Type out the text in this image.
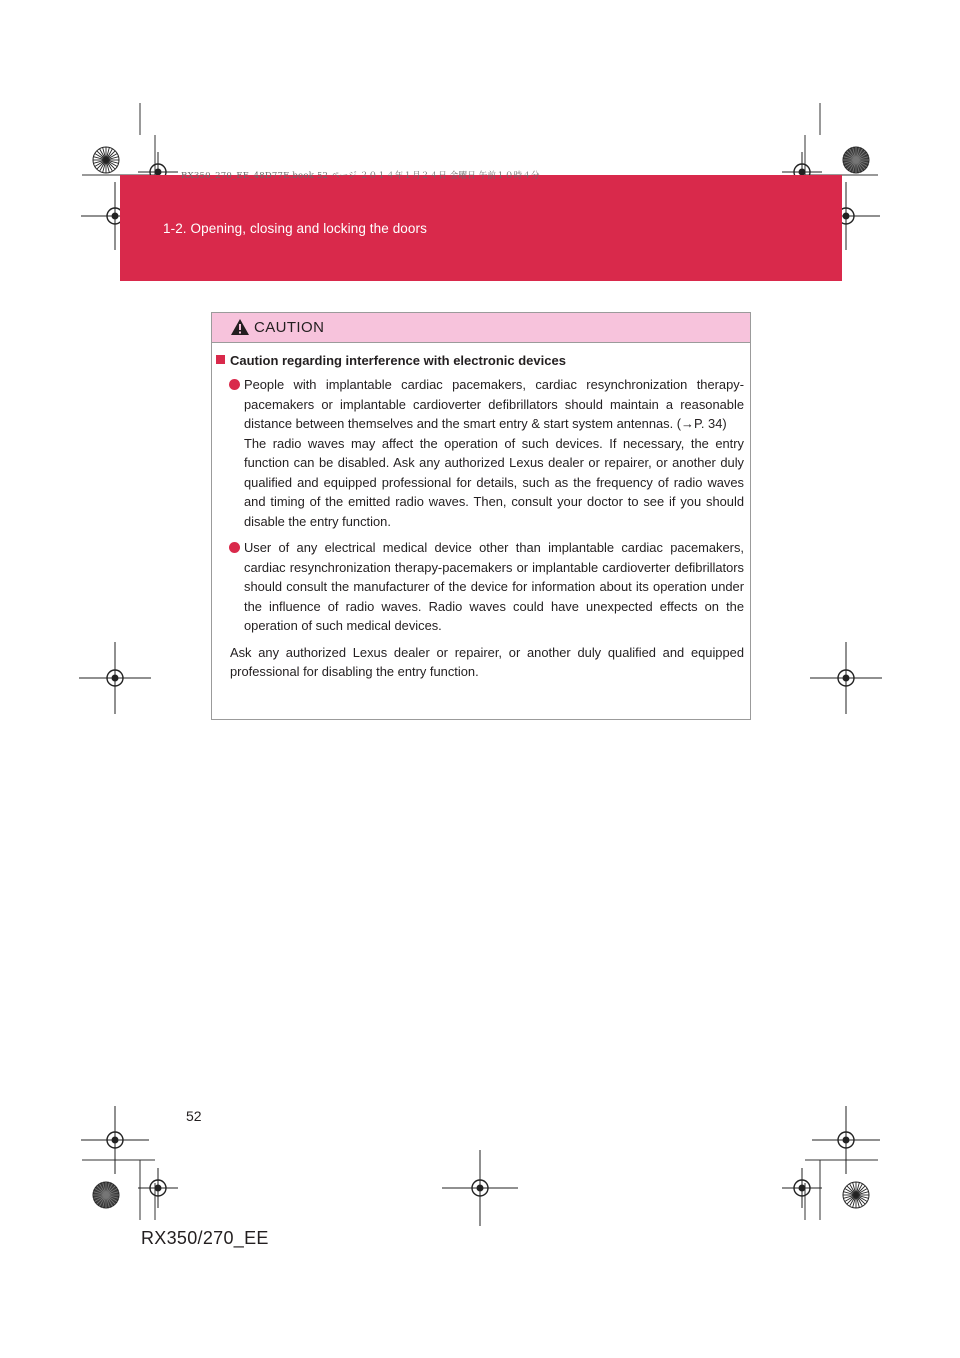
RX350_270_EE_48D77E.book 52 ページ ２０１４年１月２４日 金曜日 午前１０時４分
1-2. Opening, closing and locking the doors
CAUTION
Caution regarding interference with electronic devices

People with implantable cardiac pacemakers, cardiac resynchronization therapy-pacemakers or implantable cardioverter defibrillators should maintain a reasonable distance between themselves and the smart entry & start system antennas. (→P. 34)

The radio waves may affect the operation of such devices. If necessary, the entry function can be disabled. Ask any authorized Lexus dealer or repairer, or another duly qualified and equipped professional for details, such as the frequency of radio waves and timing of the emitted radio waves. Then, consult your doctor to see if you should disable the entry function.

User of any electrical medical device other than implantable cardiac pacemakers, cardiac resynchronization therapy-pacemakers or implantable cardioverter defibrillators should consult the manufacturer of the device for information about its operation under the influence of radio waves. Radio waves could have unexpected effects on the operation of such medical devices.

Ask any authorized Lexus dealer or repairer, or another duly qualified and equipped professional for disabling the entry function.
52
RX350/270_EE
